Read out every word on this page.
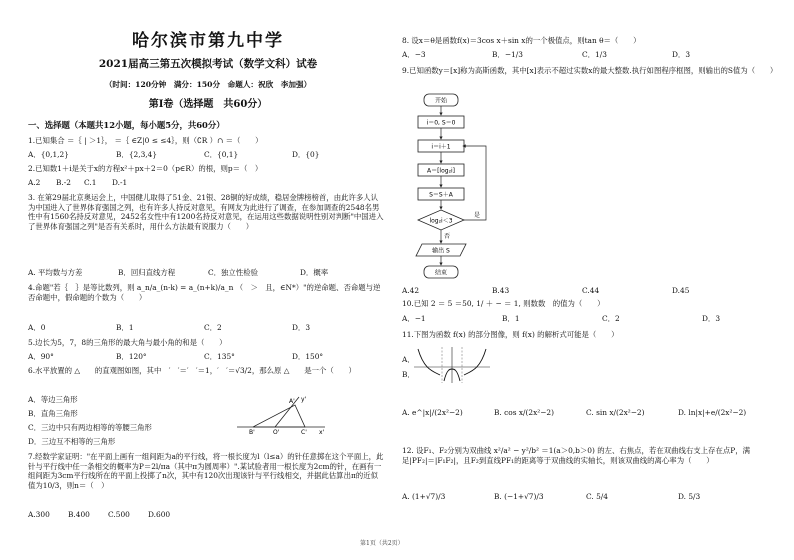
哈尔滨市第九中学
2021届高三第五次模拟考试（数学文科）试卷
（时间：120分钟　满分：150分　命题人：祝欣　李加强）
第Ⅰ卷（选择题　共60分）
一、选择题（本题共12小题，每小题5分，共60分）
1.已知集合 ＝｛ | ＞1｝， ＝｛ ∈Z|0 ≤ ≤4｝，则（∁R ）∩ ＝（　　）
A．{0,1,2}	B．{2,3,4}	C．{0,1}	D．{0}
2.已知数1＋i是关于x的方程x²＋px＋2＝0（p∈R）的根，则p＝（　）
A.2 B.-2 C.1 D.-1
3. 在第29届北京奥运会上，中国健儿取得了51金、21银、28铜的好成绩，稳居金牌榜榜首，由此许多人认为中国进入了世界体育强国之列，也有许多人持反对意见，有网友为此进行了调查，在参加调查的2548名男性中有1560名持反对意见，2452名女性中有1200名持反对意见，在运用这些数据说明性别对判断"中国进入了世界体育强国之列"是否有关系时，用什么方法最有说服力（　　）
A. 平均数与方差	B．回归直线方程	C．独立性检验	D．概率
4.命题"若｛　｝是等比数列，则 a_n/a_(n-k) = a_(n+k)/a_n （　＞　且，∈N*）"的逆命题、否命题与逆否命题中，假命题的个数为（　　）
A．0	B．1	C．2	D．3
5.边长为5，7，8的三角形的最大角与最小角的和是（　　）
A．90°	B．120°	C．135°	D．150°
6.水平放置的 △　　的直观图如图，其中　′　′＝′　′＝1，′　′＝√3/2，那么原 △　　是一个（　　）
A．等边三角形
B．直角三角形
C．三边中只有两边相等的等腰三角形
D．三边互不相等的三角形
A' y'
B'	O'	C' x'
7.经数学家证明："在平面上画有一组间距为a的平行线，将一根长度为l（l≤a）的针任意掷在这个平面上，此针与平行线中任一条相交的概率为P＝2l/πa（其中π为圆周率）".某试验者用一根长度为2cm的针，在画有一组间距为3cm平行线所在的平面上投掷了n次，其中有120次出现该针与平行线相交，并据此估算出π的近似值为10/3，则n＝（　）
A.300 B.400 C.500 D.600
8. 设x＝θ是函数f(x)＝3cos x＋sin x的一个极值点，则tan θ＝（　　）
A．−3	B．−1/3	C．1/3	D．3
9.已知函数y＝[x]称为高斯函数，其中[x]表示不超过实数x的最大整数.执行如图程序框图，则输出的S值为（　　）
开始
i＝0, S＝0
i＝i＋1
A＝[log₂i]
S＝S＋A
log₂i＜3
是
否
输出 S
结束
A.42	B.43	C.44	D.45
10.已知 2 ＝ 5 ＝50, 1/ ＋ − ＝ 1, 则数数　的值为（　　）
A．−1	B．1	C．2	D．3
11.下图为函数 f(x) 的部分图像，则 f(x) 的解析式可能是（　　）
A．
B．
A. e^|x|/(2x²−2)	B. cos x/(2x²−2)	C. sin x/(2x²−2)	D. ln|x|+e/(2x²−2)
12. 设F₁、F₂分别为双曲线 x²/a² − y²/b² ＝1(a＞0,b＞0) 的左、右焦点，若在双曲线右支上存在点P，满足|PF₂|＝|F₁F₂|，且F₂到直线PF₁的距离等于双曲线的实轴长，则该双曲线的离心率为（　　）
A. (1+√7)/3	B. (−1+√7)/3	C. 5/4	D. 5/3
第1页（共2页）
